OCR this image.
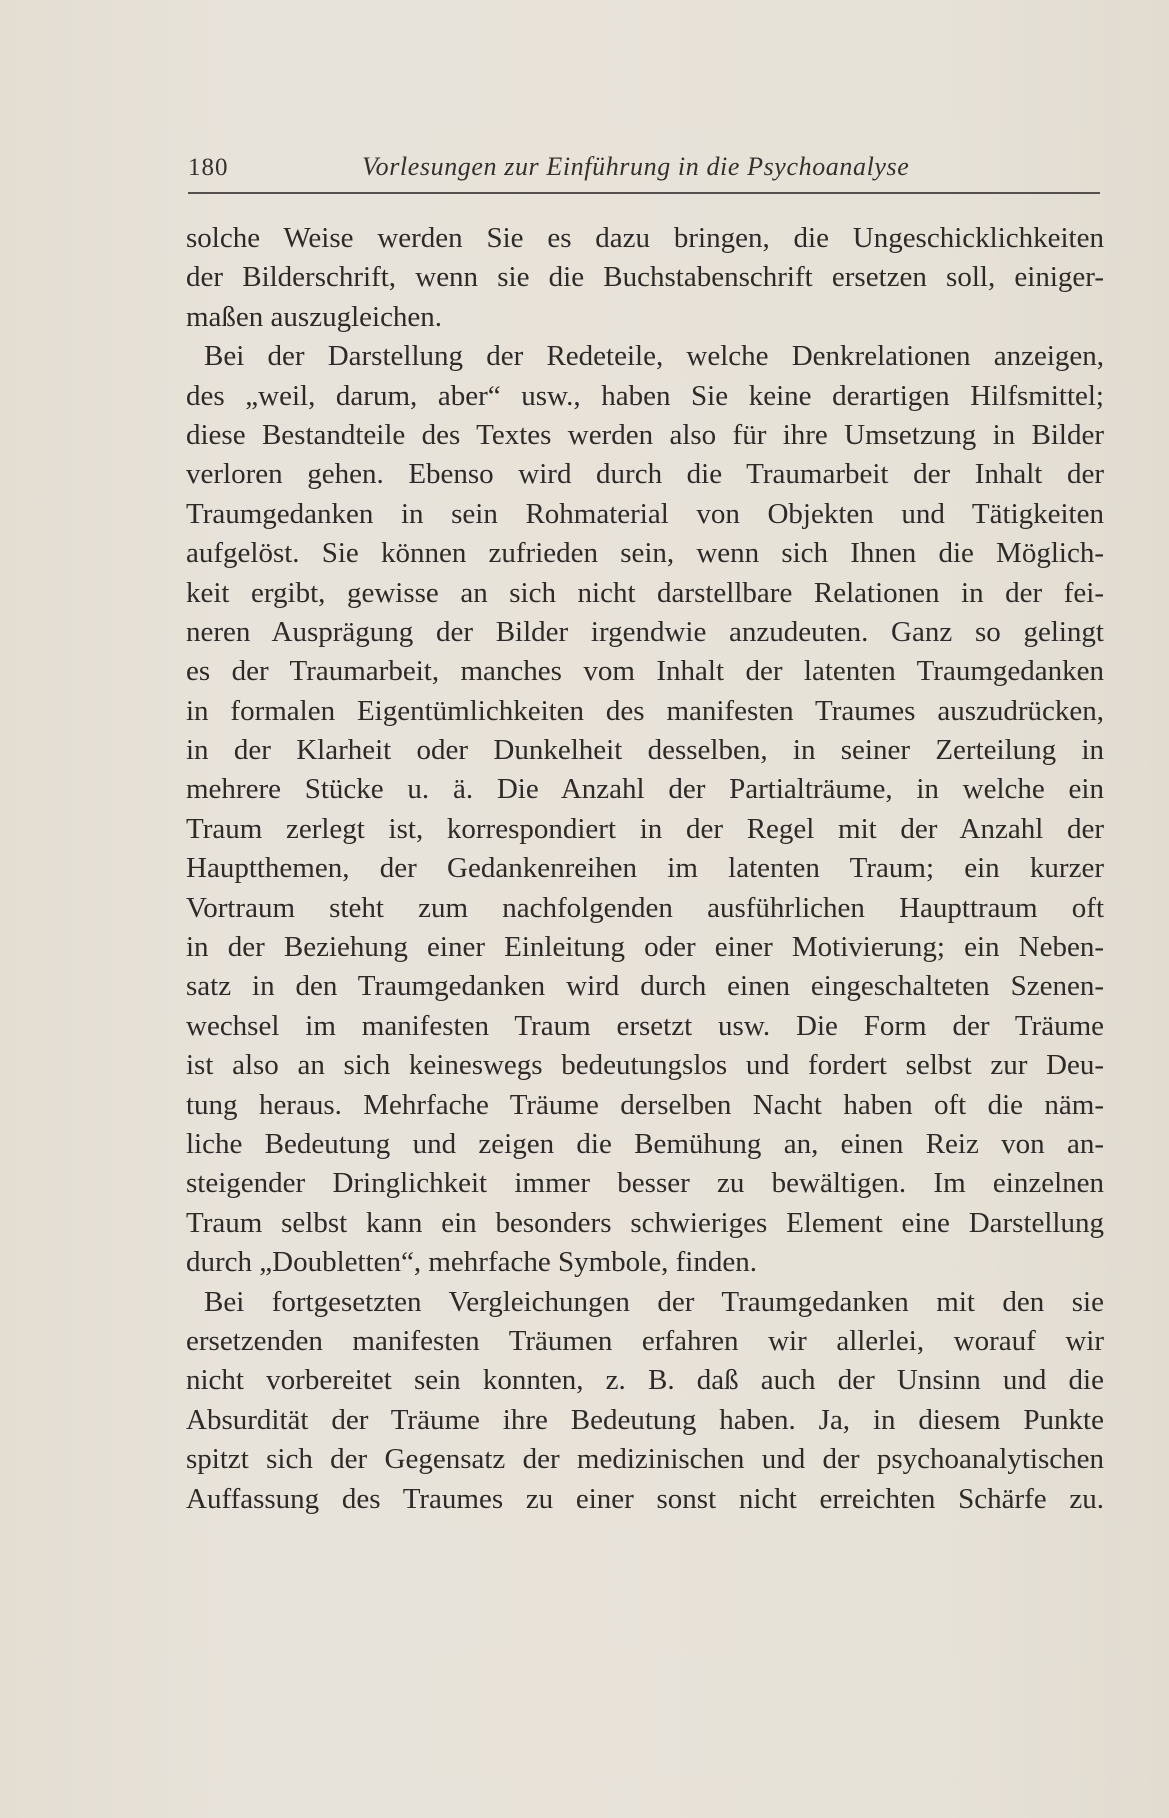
180	Vorlesungen zur Einführung in die Psychoanalyse
solche Weise werden Sie es dazu bringen, die Ungeschicklichkeiten
der Bilderschrift, wenn sie die Buchstabenschrift ersetzen soll, einiger-
maßen auszugleichen.
Bei der Darstellung der Redeteile, welche Denkrelationen anzeigen,
des „weil, darum, aber“ usw., haben Sie keine derartigen Hilfsmittel;
diese Bestandteile des Textes werden also für ihre Umsetzung in Bilder
verloren gehen. Ebenso wird durch die Traumarbeit der Inhalt der
Traumgedanken in sein Rohmaterial von Objekten und Tätigkeiten
aufgelöst. Sie können zufrieden sein, wenn sich Ihnen die Möglich-
keit ergibt, gewisse an sich nicht darstellbare Relationen in der fei-
neren Ausprägung der Bilder irgendwie anzudeuten. Ganz so gelingt
es der Traumarbeit, manches vom Inhalt der latenten Traumgedanken
in formalen Eigentümlichkeiten des manifesten Traumes auszudrücken,
in der Klarheit oder Dunkelheit desselben, in seiner Zerteilung in
mehrere Stücke u. ä. Die Anzahl der Partialträume, in welche ein
Traum zerlegt ist, korrespondiert in der Regel mit der Anzahl der
Hauptthemen, der Gedankenreihen im latenten Traum; ein kurzer
Vortraum steht zum nachfolgenden ausführlichen Haupttraum oft
in der Beziehung einer Einleitung oder einer Motivierung; ein Neben-
satz in den Traumgedanken wird durch einen eingeschalteten Szenen-
wechsel im manifesten Traum ersetzt usw. Die Form der Träume
ist also an sich keineswegs bedeutungslos und fordert selbst zur Deu-
tung heraus. Mehrfache Träume derselben Nacht haben oft die näm-
liche Bedeutung und zeigen die Bemühung an, einen Reiz von an-
steigender Dringlichkeit immer besser zu bewältigen. Im einzelnen
Traum selbst kann ein besonders schwieriges Element eine Darstellung
durch „Doubletten“, mehrfache Symbole, finden.
Bei fortgesetzten Vergleichungen der Traumgedanken mit den sie
ersetzenden manifesten Träumen erfahren wir allerlei, worauf wir
nicht vorbereitet sein konnten, z. B. daß auch der Unsinn und die
Absurdität der Träume ihre Bedeutung haben. Ja, in diesem Punkte
spitzt sich der Gegensatz der medizinischen und der psychoanalytischen
Auffassung des Traumes zu einer sonst nicht erreichten Schärfe zu.
